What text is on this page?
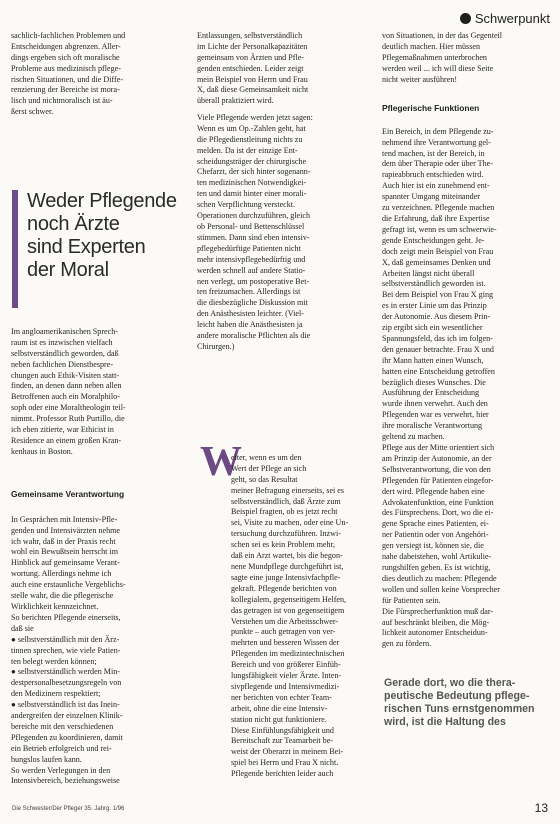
Schwerpunkt

sachlich-fachlichen Problemen und
Entscheidungen abgrenzen. Aller-
dings ergeben sich oft moralische
Probleme aus medizinisch pflege-
rischen Situationen, und die Diffe-
renzierung der Bereiche ist mora-
lisch und nichtmoralisch ist äu-
ßerst schwer.

Weder Pflegende
noch Ärzte
sind Experten
der Moral

Im angloamerikanischen Sprech-
raum ist es inzwischen vielfach
selbstverständlich geworden, daß
neben fachlichen Dienstbespre-
chungen auch Ethik-Visiten statt-
finden, an denen dann neben allen
Betroffenen auch ein Moralphilo-
soph oder eine Moraltheologin teil-
nimmt. Professor Ruth Purtillo, die
ich eben zitierte, war Ethicist in
Residence an einem großen Kran-
kenhaus in Boston.

Gemeinsame Verantwortung

In Gesprächen mit Intensiv-Pfle-
genden und Intensivärzten nehme
ich wahr, daß in der Praxis recht
wohl ein Bewußtsein herrscht im
Hinblick auf gemeinsame Verant-
wortung. Allerdings nehme ich
auch eine erstaunliche Vergeblichs-
stelle wahr, die die pflegerische
Wirklichkeit kennzeichnet.
So berichten Pflegende einerseits,
daß sie
● selbstverständlich mit den Ärz-
tinnen sprechen, wie viele Patien-
ten belegt werden können;
● selbstverständlich werden Min-
destpersonalbesetzungsregeln von
den Medizinern respektiert;
● selbstverständlich ist das Inein-
andergreifen der einzelnen Klinik-
bereiche mit den verschiedenen
Pflegenden zu koordinieren, damit
ein Betrieb erfolgreich und rei-
bungslos laufen kann.
So werden Verlegungen in den
Intensivbereich, beziehungsweise

Entlassungen, selbstverständlich
im Lichte der Personalkapazitäten
gemeinsam von Ärzten und Pfle-
genden entschieden. Leider zeigt
mein Beispiel von Herrn und Frau
X, daß diese Gemeinsamkeit nicht
überall praktiziert wird.

Viele Pflegende werden jetzt sagen:
Wenn es um Op.-Zahlen geht, hat
die Pflegedienstleitung nichts zu
melden. Da ist der einzige Ent-
scheidungsträger der chirurgische
Chefarzt, der sich hinter sogenann-
ten medizinischen Notwendigkei-
ten und damit hinter einer morali-
schen Verpflichtung versteckt.
Operationen durchzuführen, gleich
ob Personal- und Bettenschlüssel
stimmen. Dann sind eben intensiv-
pflegebedürftige Patienten nicht
mehr intensivpflegebedürftig und
werden schnell auf andere Statio-
nen verlegt, um postoperative Bet-
ten freizumachen. Allerdings ist
die diesbezügliche Diskussion mit
den Anästhesisten leichter. (Viel-
leicht haben die Anästhesisten ja
andere moralische Pflichten als die
Chirurgen.)

W

eiter, wenn es um den
Wert der Pflege an sich
geht, so das Resultat
meiner Befragung einerseits, sei es
selbstverständlich, daß Ärzte zum
Beispiel fragten, ob es jetzt recht
sei, Visite zu machen, oder eine Un-
tersuchung durchzuführen. Inzwi-
schen sei es kein Problem mehr,
daß ein Arzt wartet, bis die begon-
nene Mundpflege durchgeführt ist,
sagte eine junge Intensivfachpfle-
gekraft. Pflegende berichten von
kollegialem, gegenseitigem Helfen,
das getragen ist von gegenseitigem
Verstehen um die Arbeitsschwer-
punkte – auch getragen von ver-
mehrten und besseren Wissen der
Pflegenden im medizintechnischen
Bereich und von größerer Einfüh-
lungsfähigkeit vieler Ärzte. Inten-
sivpflegende und Intensivmedizi-
ner berichten von echter Team-
arbeit, ohne die eine Intensiv-
station nicht gut funktioniere.
Diese Einfühlungsfähigkeit und
Bereitschaft zur Teamarbeit be-
weist der Oberarzt in meinem Bei-
spiel bei Herrn und Frau X nicht.
Pflegende berichten leider auch

von Situationen, in der das Gegenteil
deutlich machen. Hier müssen
Pflegemaßnahmen unterbrochen
werden weil ... ich will diese Seite
nicht weiter ausführen!

Pflegerische Funktionen

Ein Bereich, in dem Pflegende zu-
nehmend ihre Verantwortung gel-
tend machen, ist der Bereich, in
dem über Therapie oder über The-
rapieabbruch entschieden wird.
Auch hier ist ein zunehmend ent-
spannter Umgang miteinander
zu verzeichnen. Pflegende machen
die Erfahrung, daß ihre Expertise
gefragt ist, wenn es um schwerwie-
gende Entscheidungen geht. Je-
doch zeigt mein Beispiel von Frau
X, daß gemeinsames Denken und
Arbeiten längst nicht überall
selbstverständlich geworden ist.
Bei dem Beispiel von Frau X ging
es in erster Linie um das Prinzip
der Autonomie. Aus diesem Prin-
zip ergibt sich ein wesentlicher
Spannungsfeld, das ich im folgen-
den genauer betrachte. Frau X und
ihr Mann hatten einen Wunsch,
hatten eine Entscheidung getroffen
bezüglich dieses Wunsches. Die
Ausführung der Entscheidung
wurde ihnen verwehrt. Auch den
Pflegenden war es verwehrt, hier
ihre moralische Verantwortung
geltend zu machen.
Pflege aus der Mitte orientiert sich
am Prinzip der Autonomie, an der
Selbstverantwortung, die von den
Pflegenden für Patienten eingefor-
dert wird. Pflegende haben eine
Advokatenfunktion, eine Funktion
des Fürsprechens. Dort, wo die ei-
gene Sprache eines Patienten, ei-
ner Patientin oder von Angehöri-
gen versiegt ist, können sie, die
nahe dabeistehen, wohl Artikulie-
rungshilfen geben. Es ist wichtig,
dies deutlich zu machen: Pflegende
wollen und sollen keine Vorsprecher
für Patienten sein.
Die Fürsprecherfunktion muß dar-
auf beschränkt bleiben, die Mög-
lichkeit autonomer Entscheidun-
gen zu fördern.

Gerade dort, wo die thera-
peutische Bedeutung pflege-
rischen Tuns ernstgenommen
wird, ist die Haltung des
Die Schwester/Der Pfleger 35. Jahrg. 1/96	13
